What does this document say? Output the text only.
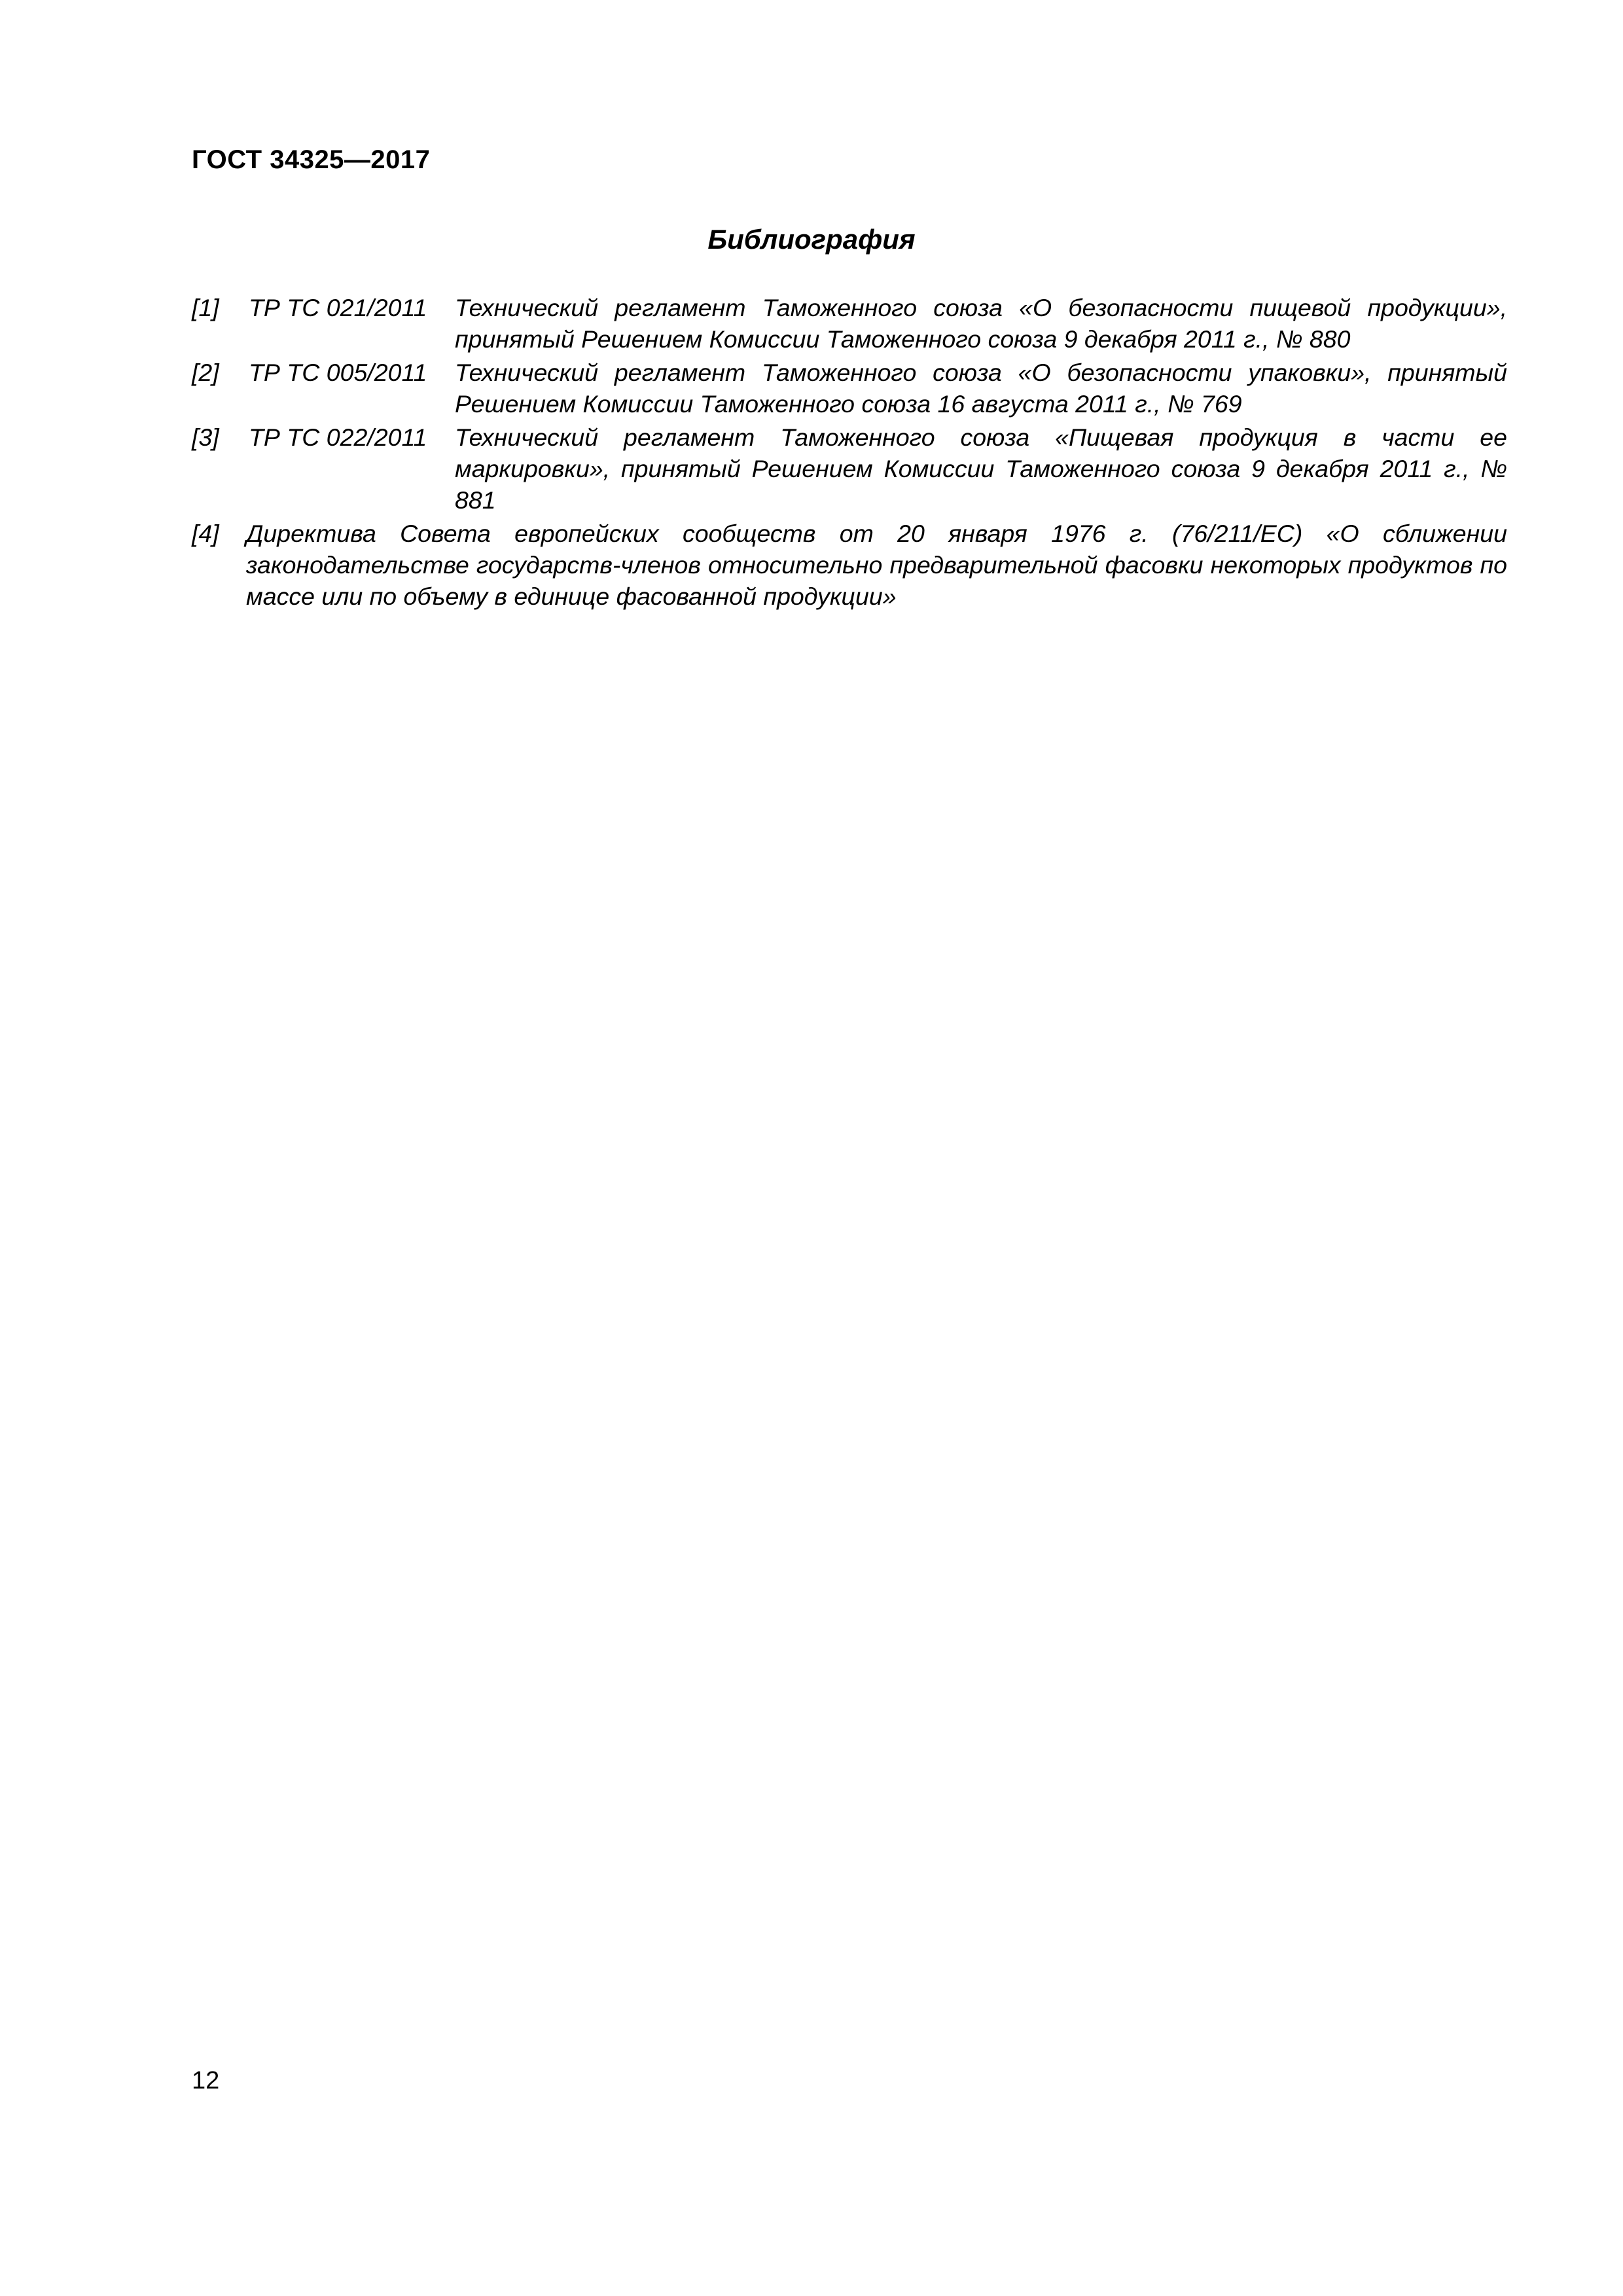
ГОСТ 34325—2017
Библиография
[1] ТР ТС 021/2011 Технический регламент Таможенного союза «О безопасности пищевой продукции», принятый Решением Комиссии Таможенного союза 9 декабря 2011 г., № 880
[2] ТР ТС 005/2011 Технический регламент Таможенного союза «О безопасности упаковки», принятый Решением Комиссии Таможенного союза 16 августа 2011 г., № 769
[3] ТР ТС 022/2011 Технический регламент Таможенного союза «Пищевая продукция в части ее маркировки», принятый Решением Комиссии Таможенного союза 9 декабря 2011 г., № 881
[4] Директива Совета европейских сообществ от 20 января 1976 г. (76/211/ЕС) «О сближении законодательстве государств-членов относительно предварительной фасовки некоторых продуктов по массе или по объему в единице фасованной продукции»
12
